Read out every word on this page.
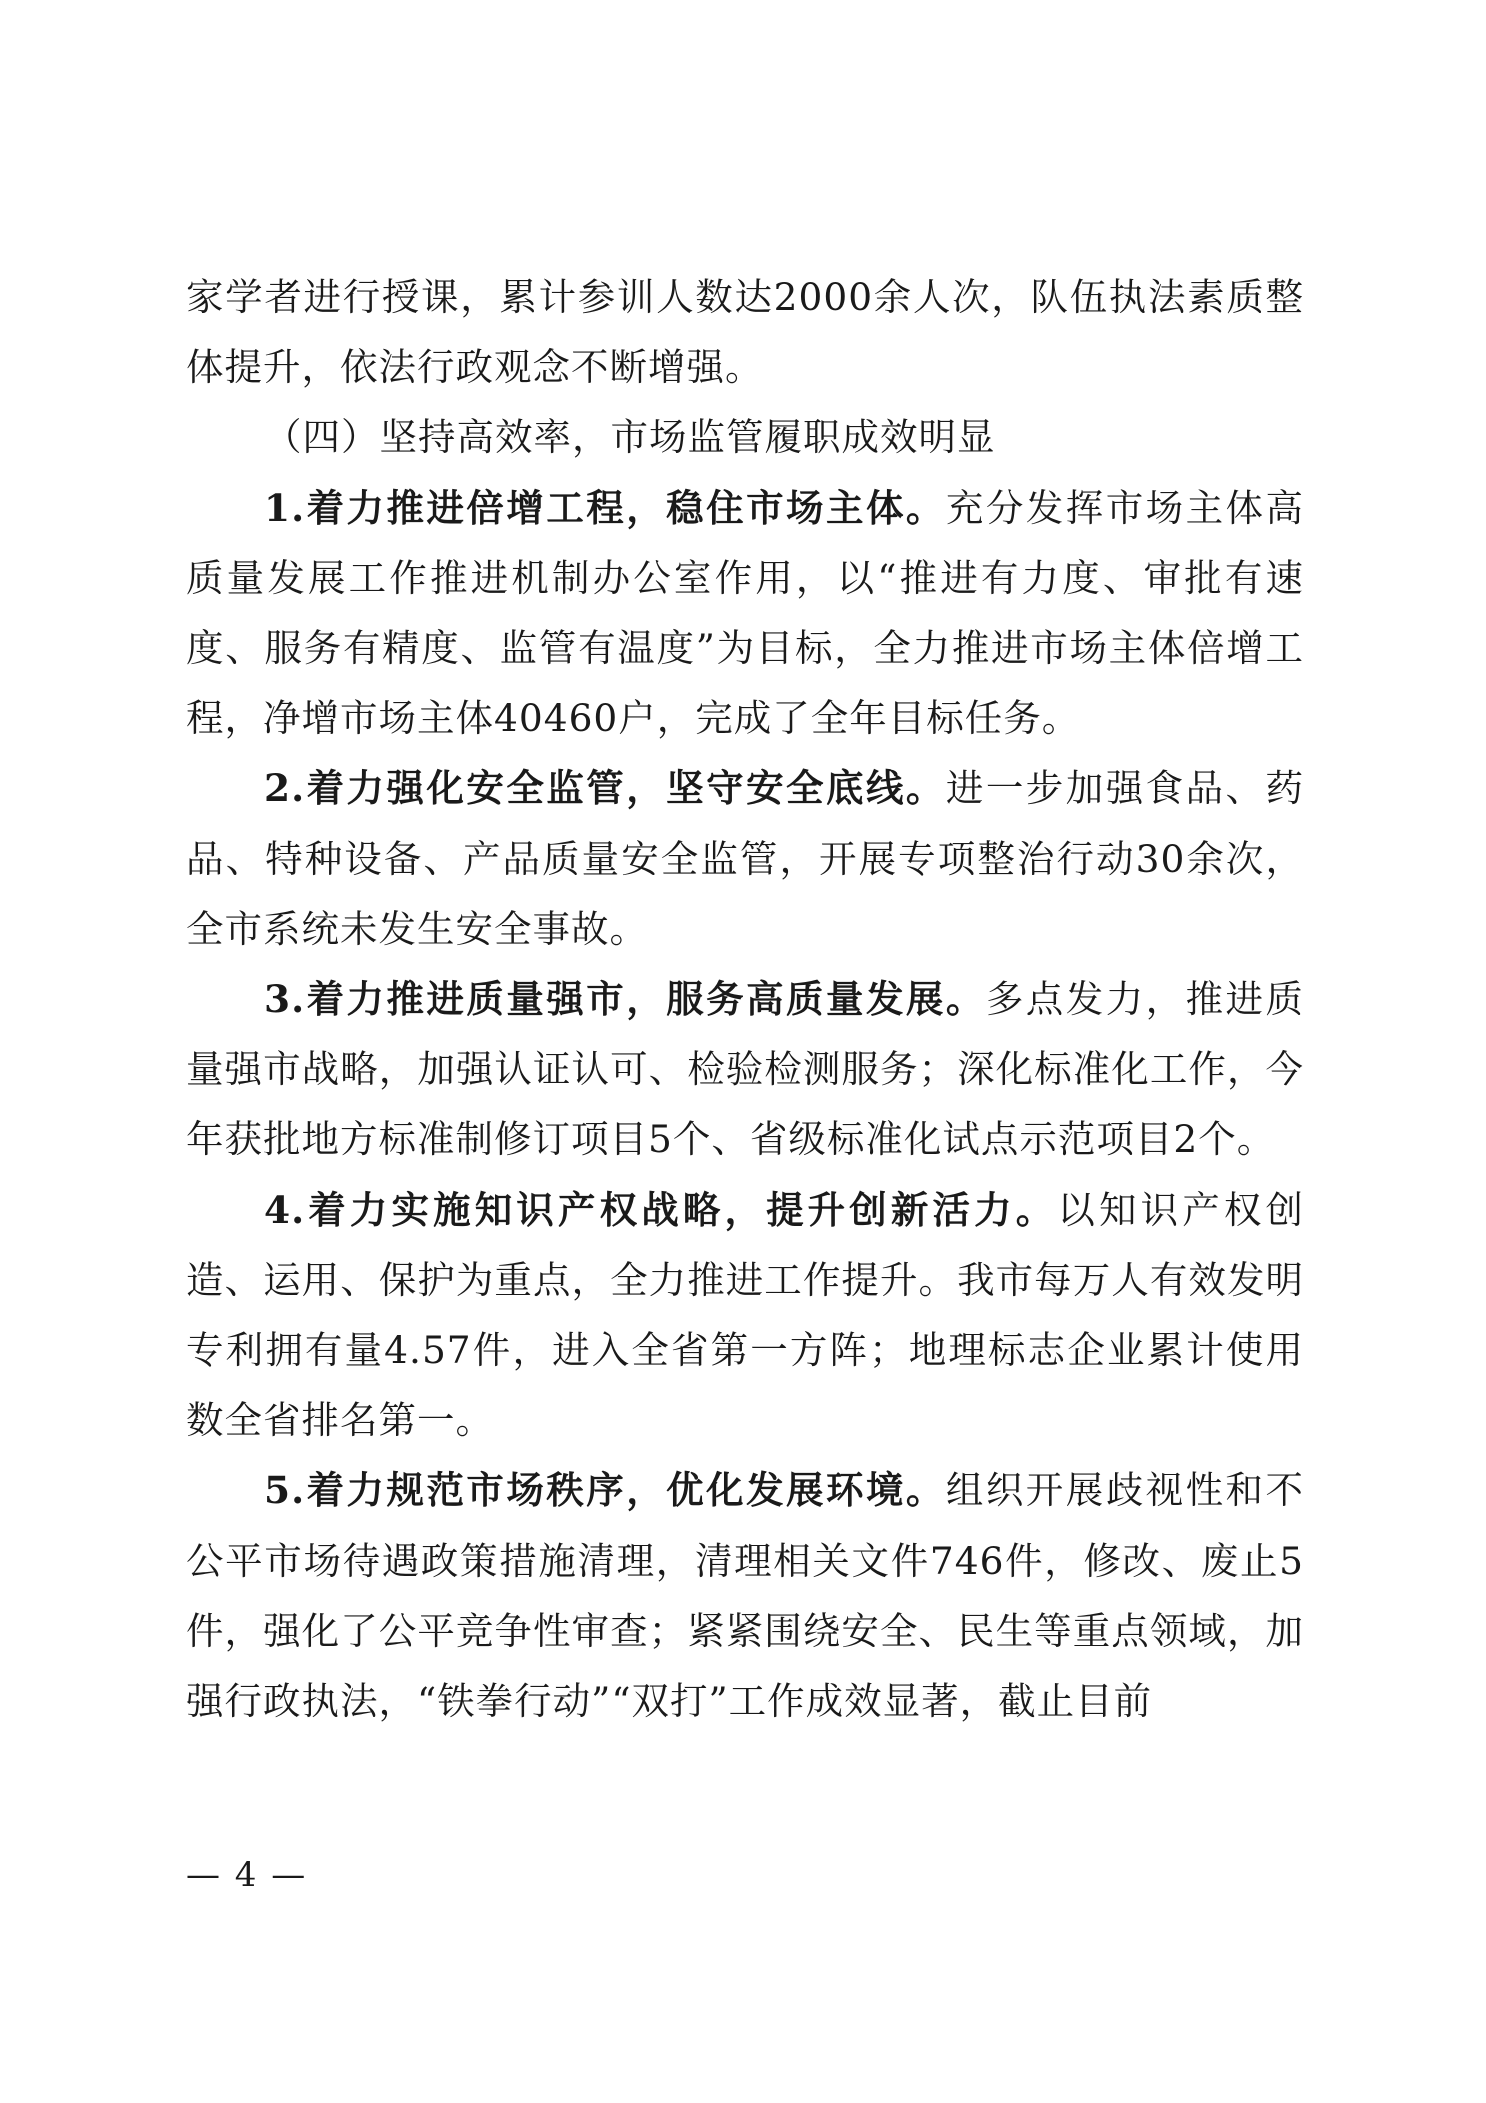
家学者进行授课，累计参训人数达2000余人次，队伍执法素质整体提升，依法行政观念不断增强。

（四）坚持高效率，市场监管履职成效明显

1.着力推进倍增工程，稳住市场主体。充分发挥市场主体高质量发展工作推进机制办公室作用，以“推进有力度、审批有速度、服务有精度、监管有温度”为目标，全力推进市场主体倍增工程，净增市场主体40460户，完成了全年目标任务。

2.着力强化安全监管，坚守安全底线。进一步加强食品、药品、特种设备、产品质量安全监管，开展专项整治行动30余次，全市系统未发生安全事故。

3.着力推进质量强市，服务高质量发展。多点发力，推进质量强市战略，加强认证认可、检验检测服务；深化标准化工作，今年获批地方标准制修订项目5个、省级标准化试点示范项目2个。

4.着力实施知识产权战略，提升创新活力。以知识产权创造、运用、保护为重点，全力推进工作提升。我市每万人有效发明专利拥有量4.57件，进入全省第一方阵；地理标志企业累计使用数全省排名第一。

5.着力规范市场秩序，优化发展环境。组织开展歧视性和不公平市场待遇政策措施清理，清理相关文件746件，修改、废止5件，强化了公平竞争性审查；紧紧围绕安全、民生等重点领域，加强行政执法，“铁拳行动”“双打”工作成效显著，截止目前

— 4 —
